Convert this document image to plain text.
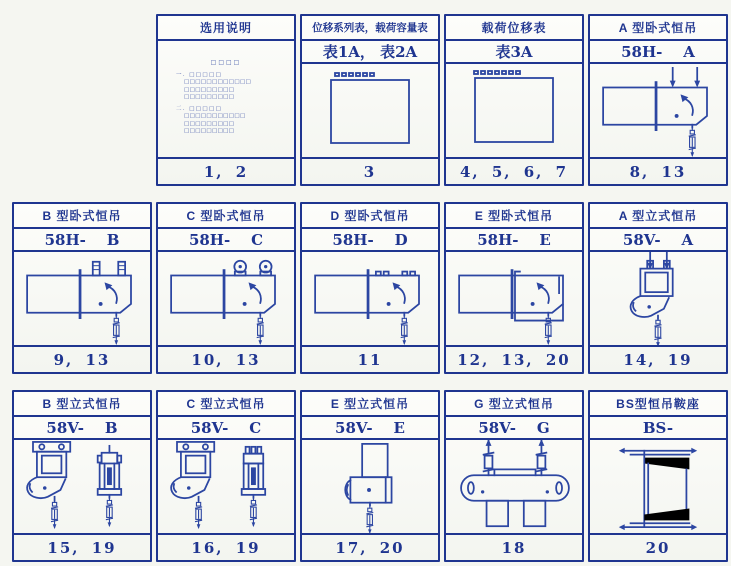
选用说明
□□□□
一. □□□□□
□□□□□□□□□□□□
□□□□□□□□□
□□□□□□□□□
二. □□□□□
□□□□□□□□□□□
□□□□□□□□□
□□□□□□□□□
1, 2
位移系列表，载荷容量表
表1A， 表2A
3
载荷位移表
表3A
4, 5, 6, 7
A 型卧式恒吊
58H-    A
8, 13
B 型卧式恒吊
58H-    B
9, 13
C 型卧式恒吊
58H-    C
10, 13
D 型卧式恒吊
58H-    D
11
E 型卧式恒吊
58H-    E
12, 13, 20
A 型立式恒吊
58V-    A
14, 19
B 型立式恒吊
58V-    B
15, 19
C 型立式恒吊
58V-    C
16, 19
E 型立式恒吊
58V-    E
17, 20
G 型立式恒吊
58V-    G
18
BS型恒吊鞍座
BS-
20
